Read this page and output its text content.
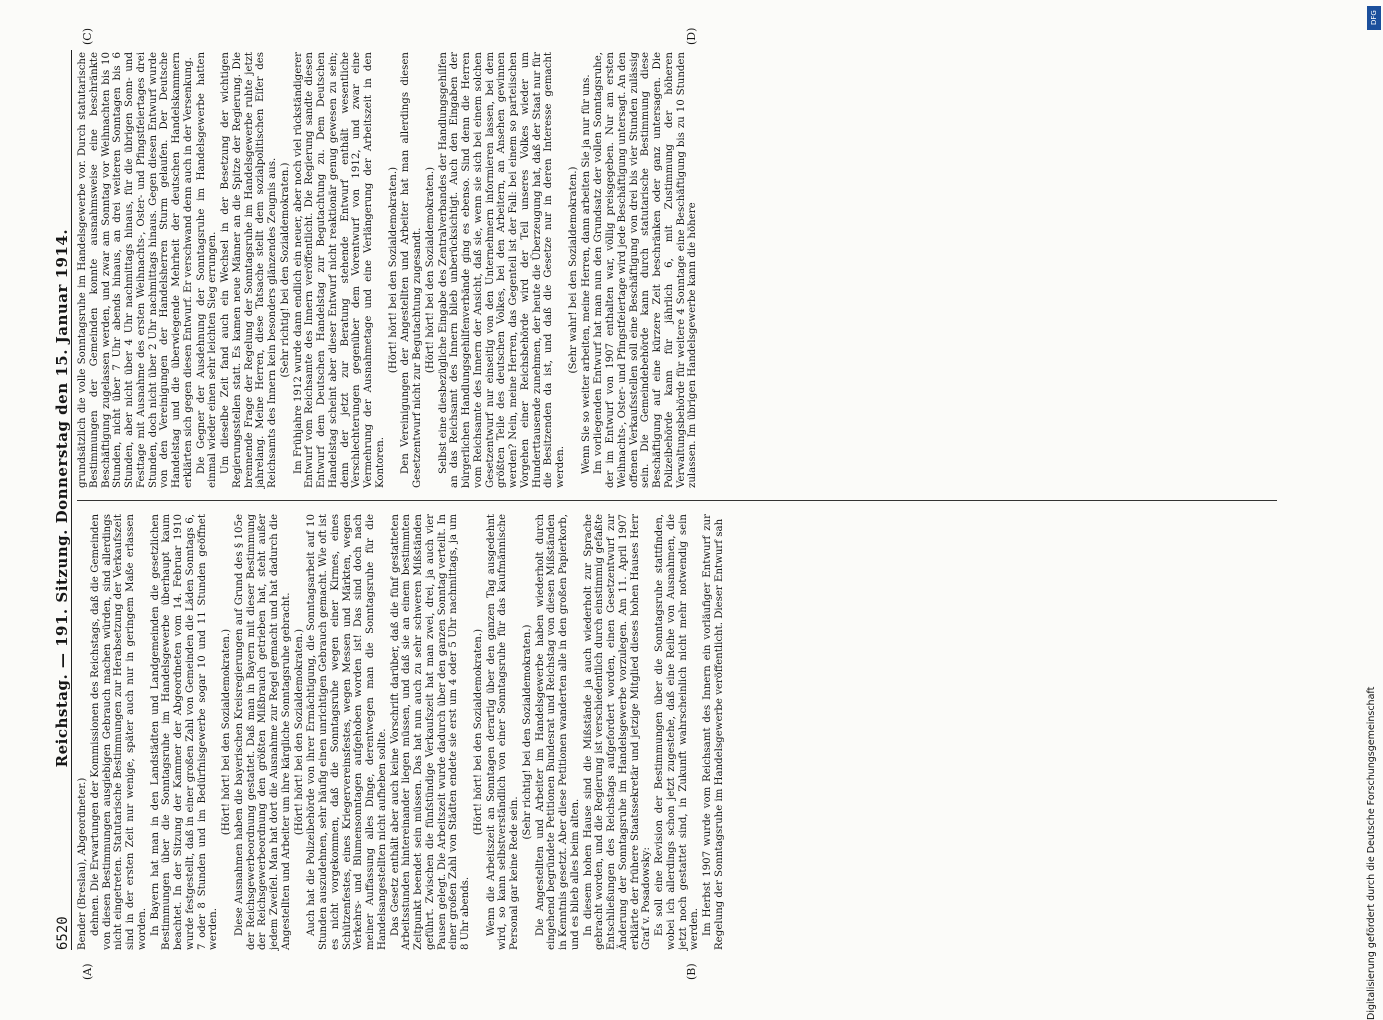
6520
Reichstag. — 191. Sitzung. Donnerstag den 15. Januar 1914.
(A)	(B)
(C)	(D)

Bender (Breslau), Abgeordneter.) dehnen. Die Erwartungen der Kommissionen des Reichstags, daß die Gemeinden von diesen Bestimmungen ausgiebigen Gebrauch machen würden, sind allerdings nicht eingetreten. Statutarische Bestimmungen zur Herabsetzung der Verkaufszeit sind in der ersten Zeit nur wenige, später auch nur in geringem Maße erlassen worden. In Bayern hat man in den Landstädten und Landgemeinden die gesetzlichen Bestimmungen über die Sonntagsruhe im Handelsgewerbe überhaupt kaum beachtet. In der Sitzung der Kammer der Abgeordneten vom 14. Februar 1910 wurde festgestellt, daß in einer großen Zahl von Gemeinden die Läden Sonntags 6, 7 oder 8 Stunden und im Bedürfnisgewerbe sogar 10 und 11 Stunden geöffnet werden.

(Hört! hört! bei den Sozialdemokraten.) Diese Ausnahmen haben die bayerischen Kreisregierungen auf Grund des § 105e der Reichsgewerbeordnung gestattet. Daß man in Bayern mit dieser Bestimmung der Reichsgewerbeordnung den größten Mißbrauch getrieben hat, steht außer jedem Zweifel. Man hat dort die Ausnahme zur Regel gemacht und hat dadurch die Angestellten und Arbeiter um ihre kärgliche Sonntagsruhe gebracht. (Hört! hört! bei den Sozialdemokraten.) Auch hat die Polizeibehörde von ihrer Ermächtigung, die Sonntagsarbeit auf 10 Stunden auszudehnen, sehr häufig einen unrichtigen Gebrauch gemacht. Wie oft ist es nicht vorgekommen, daß die Sonntagsruhe wegen einer Kirmes, eines Schützenfestes, eines Kriegervereinsfestes, wegen Messen und Märkten, wegen Verkehrs- und Blumensonntagen aufgehoben worden ist! Das sind doch nach meiner Auffassung alles Dinge, derentwegen man die Sonntagsruhe für die Handelsangestellten nicht aufheben sollte. Das Gesetz enthält aber auch keine Vorschrift darüber, daß die fünf gestatteten Arbeitsstunden hintereinander liegen müssen, und daß sie an einem bestimmten Zeitpunkt beendet sein müssen. Das hat nun auch zu sehr schweren Mißständen geführt. Zwischen die fünfstündige Verkaufszeit hat man zwei, drei, ja auch vier Pausen gelegt. Die Arbeitszeit wurde dadurch über den ganzen Sonntag verteilt. In einer großen Zahl von Städten endete sie erst um 4 oder 5 Uhr nachmittags, ja um 8 Uhr abends.

(Hört! hört! bei den Sozialdemokraten.) Wenn die Arbeitszeit an Sonntagen derartig über den ganzen Tag ausgedehnt wird, so kann selbstverständlich von einer Sonntagsruhe für das kaufmännische Personal gar keine Rede sein.

(Sehr richtig! bei den Sozialdemokraten.) Die Angestellten und Arbeiter im Handelsgewerbe haben wiederholt durch eingehend begründete Petitionen Bundesrat und Reichstag von diesen Mißständen in Kenntnis gesetzt. Aber diese Petitionen wanderten alle in den großen Papierkorb, und es blieb alles beim alten. In diesem hohen Hause sind die Mißstände ja auch wiederholt zur Sprache gebracht worden, und die Regierung ist verschiedentlich durch einstimmig gefaßte Entschließungen des Reichstags aufgefordert worden, einen Gesetzentwurf zur Änderung der Sonntagsruhe im Handelsgewerbe vorzulegen. Am 11. April 1907 erklärte der frühere Staatssekretär und jetzige Mitglied dieses hohen Hauses Herr Graf v. Posadowsky: Es soll eine Revision der Bestimmungen über die Sonntagsruhe stattfinden, wobei ich allerdings schon jetzt zugestehe, daß eine Reihe von Ausnahmen, die jetzt noch gestattet sind, in Zukunft wahrscheinlich nicht mehr notwendig sein werden. Im Herbst 1907 wurde vom Reichsamt des Innern ein vorläufiger Entwurf zur Regelung der Sonntagsruhe im Handelsgewerbe veröffentlicht. Dieser Entwurf sah

grundsätzlich die volle Sonntagsruhe im Handelsgewerbe vor. Durch statutarische Bestimmungen der Gemeinden konnte ausnahmsweise eine beschränkte Beschäftigung zugelassen werden, und zwar am Sonntag vor Weihnachten bis 10 Stunden, nicht über 7 Uhr abends hinaus, an drei weiteren Sonntagen bis 6 Stunden, aber nicht über 4 Uhr nachmittags hinaus, für die übrigen Sonn- und Festtage mit Ausnahme des ersten Weihnachts-, Oster- und Pfingstfeiertages drei Stunden, doch nicht über 2 Uhr nachmittags hinaus. Gegen diesen Entwurf wurde von den Vereinigungen der Handelsherren Sturm gelaufen. Der Deutsche Handelstag und die überwiegende Mehrheit der deutschen Handelskammern erklärten sich gegen diesen Entwurf. Er verschwand denn auch in der Versenkung. Die Gegner der Ausdehnung der Sonntagsruhe im Handelsgewerbe hatten einmal wieder einen sehr leichten Sieg errungen. Um dieselbe Zeit fand auch ein Wechsel in der Besetzung der wichtigen Regierungsstellen statt. Es kamen neue Männer an die Spitze der Regierung. Die brennende Frage der Regelung der Sonntagsruhe im Handelsgewerbe ruhte jetzt jahrelang. Meine Herren, diese Tatsache stellt dem sozialpolitischen Eifer des Reichsamts des Innern kein besonders glänzendes Zeugnis aus. (Sehr richtig! bei den Sozialdemokraten.) Im Frühjahre 1912 wurde dann endlich ein neuer, aber noch viel rückständigerer Entwurf vom Reichsamte des Innern veröffentlicht. Die Regierung sandte diesen Entwurf dem Deutschen Handelstag zur Begutachtung zu. Dem Deutschen Handelstag scheint aber dieser Entwurf nicht reaktionär genug gewesen zu sein; denn der jetzt zur Beratung stehende Entwurf enthält wesentliche Verschlechterungen gegenüber dem Vorentwurf von 1912, und zwar eine Vermehrung der Ausnahmetage und eine Verlängerung der Arbeitszeit in den Kontoren.

(Hört! hört! bei den Sozialdemokraten.) Den Vereinigungen der Angestellten und Arbeiter hat man allerdings diesen Gesetzentwurf nicht zur Begutachtung zugesandt. (Hört! hört! bei den Sozialdemokraten.) Selbst eine diesbezügliche Eingabe des Zentralverbandes der Handlungsgehilfen an das Reichsamt des Innern blieb unberücksichtigt. Auch den Eingaben der bürgerlichen Handlungsgehilfenverbände ging es ebenso. Sind denn die Herren vom Reichsamte des Innern der Ansicht, daß sie, wenn sie sich bei einem solchen Gesetzentwurf nur einseitig von den Unternehmern informieren lassen, bei dem größten Teile des deutschen Volkes, bei den Arbeitern, an Ansehen gewinnen werden? Nein, meine Herren, das Gegenteil ist der Fall: bei einem so parteiischen Vorgehen einer Reichsbehörde wird der Teil unseres Volkes wieder um Hunderttausende zunehmen, der heute die Überzeugung hat, daß der Staat nur für die Besitzenden da ist, und daß die Gesetze nur in deren Interesse gemacht werden.

(Sehr wahr! bei den Sozialdemokraten.) Wenn Sie so weiter arbeiten, meine Herren, dann arbeiten Sie ja nur für uns. Im vorliegenden Entwurf hat man nun den Grundsatz der vollen Sonntagsruhe, der im Entwurf von 1907 enthalten war, völlig preisgegeben. Nur am ersten Weihnachts-, Oster- und Pfingstfeiertage wird jede Beschäftigung untersagt. An den offenen Verkaufsstellen soll eine Beschäftigung von drei bis vier Stunden zulässig sein. Die Gemeindebehörde kann durch statutarische Bestimmung diese Beschäftigung auf eine kürzere Zeit beschränken oder ganz untersagen. Die Polizeibehörde kann für jährlich 6, mit Zustimmung der höheren Verwaltungsbehörde für weitere 4 Sonntage eine Beschäftigung bis zu 10 Stunden zulassen. Im übrigen Handelsgewerbe kann die höhere

DFG
Digitalisierung gefördert durch die Deutsche Forschungsgemeinschaft
